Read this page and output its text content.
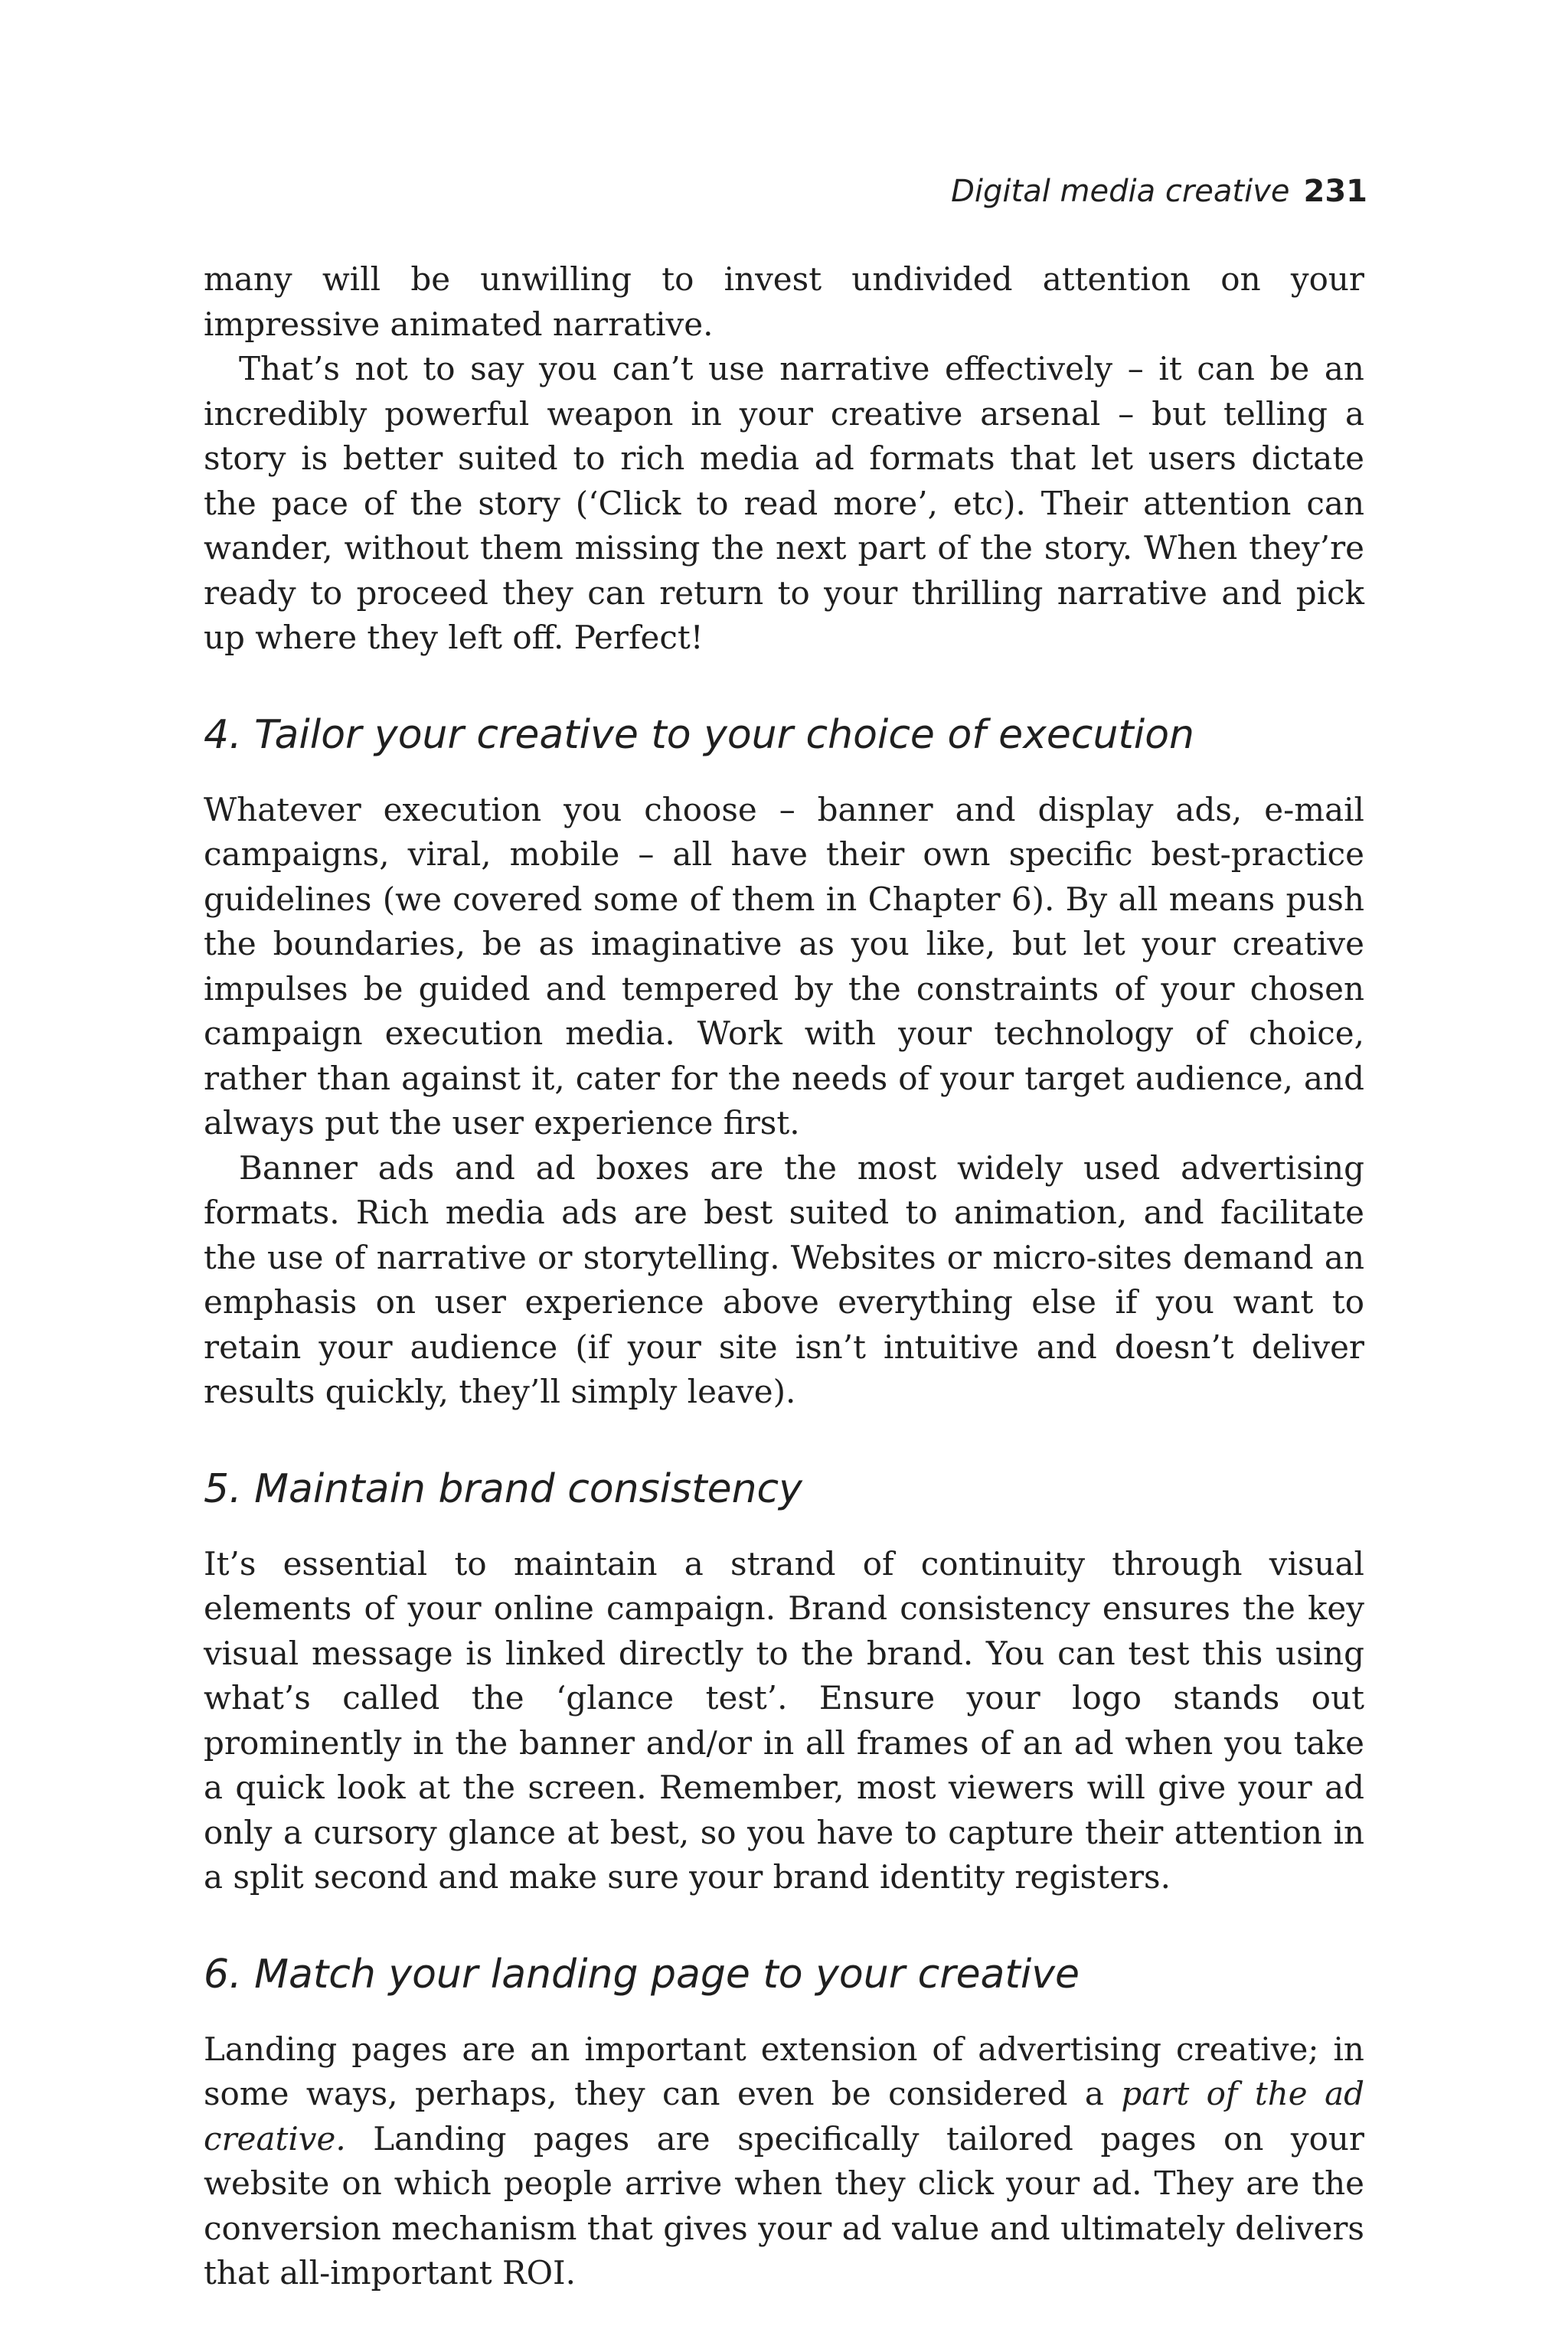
Digital media creative 231

many will be unwilling to invest undivided attention on your impressive animated narrative.

That’s not to say you can’t use narrative effectively – it can be an incredibly powerful weapon in your creative arsenal – but telling a story is better suited to rich media ad formats that let users dictate the pace of the story (‘Click to read more’, etc). Their attention can wander, without them missing the next part of the story. When they’re ready to proceed they can return to your thrilling narrative and pick up where they left off. Perfect!

4. Tailor your creative to your choice of execution

Whatever execution you choose – banner and display ads, e-mail campaigns, viral, mobile – all have their own specific best-practice guidelines (we covered some of them in Chapter 6). By all means push the boundaries, be as imaginative as you like, but let your creative impulses be guided and tempered by the constraints of your chosen campaign execution media. Work with your technology of choice, rather than against it, cater for the needs of your target audience, and always put the user experience first.

Banner ads and ad boxes are the most widely used advertising formats. Rich media ads are best suited to animation, and facilitate the use of narrative or storytelling. Websites or micro-sites demand an emphasis on user experience above everything else if you want to retain your audience (if your site isn’t intuitive and doesn’t deliver results quickly, they’ll simply leave).

5. Maintain brand consistency

It’s essential to maintain a strand of continuity through visual elements of your online campaign. Brand consistency ensures the key visual message is linked directly to the brand. You can test this using what’s called the ‘glance test’. Ensure your logo stands out prominently in the banner and/or in all frames of an ad when you take a quick look at the screen. Remember, most viewers will give your ad only a cursory glance at best, so you have to capture their attention in a split second and make sure your brand identity registers.

6. Match your landing page to your creative

Landing pages are an important extension of advertising creative; in some ways, perhaps, they can even be considered a part of the ad creative. Landing pages are specifically tailored pages on your website on which people arrive when they click your ad. They are the conversion mechanism that gives your ad value and ultimately delivers that all-important ROI.
